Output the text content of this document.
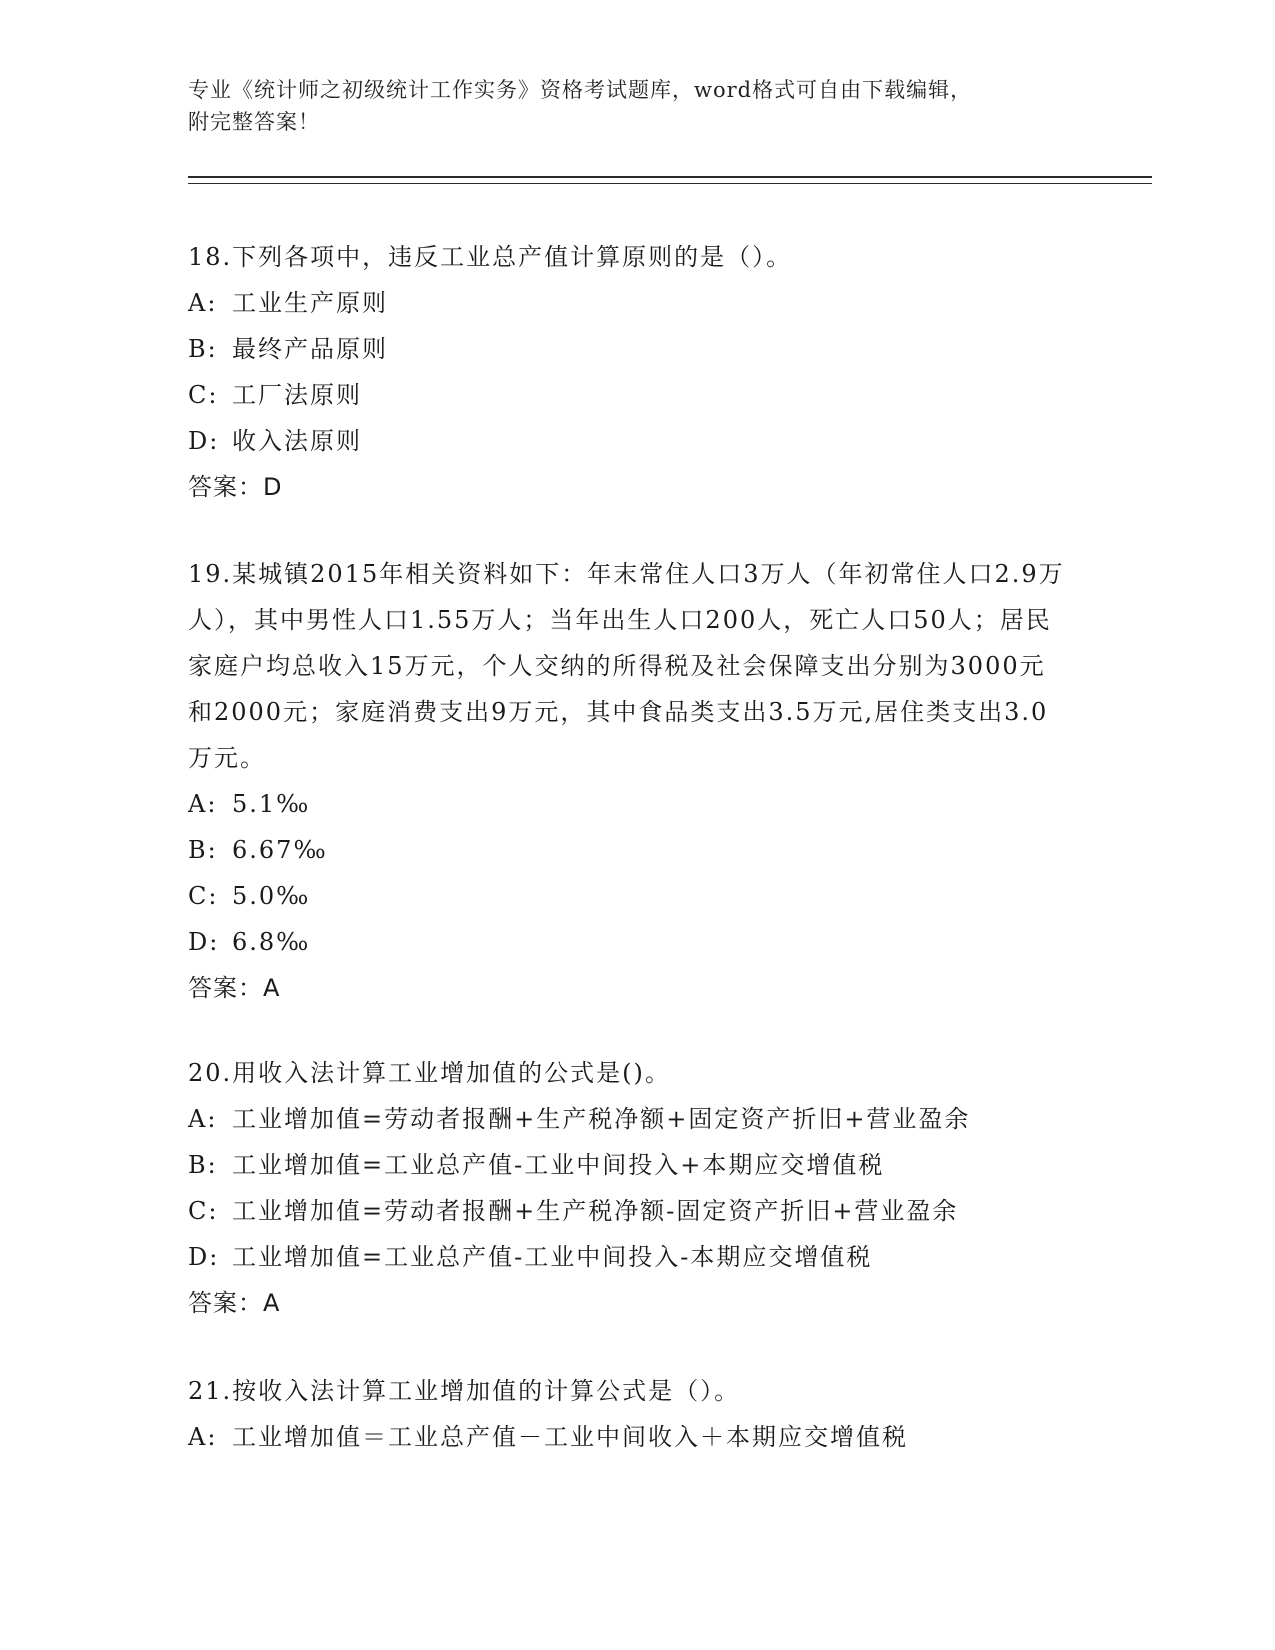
专业《统计师之初级统计工作实务》资格考试题库，word格式可自由下载编辑，
附完整答案！

18.下列各项中，违反工业总产值计算原则的是（）。

A: 工业生产原则
B: 最终产品原则
C: 工厂法原则
D: 收入法原则
答案：D

19.某城镇2015年相关资料如下：年末常住人口3万人（年初常住人口2.9万人），其中男性人口1.55万人；当年出生人口200人，死亡人口50人；居民家庭户均总收入15万元，个人交纳的所得税及社会保障支出分别为3000元和2000元；家庭消费支出9万元，其中食品类支出3.5万元,居住类支出3.0万元。

A: 5.1‰
B: 6.67‰
C: 5.0‰
D: 6.8‰
答案：A

20.用收入法计算工业增加值的公式是()。

A: 工业增加值=劳动者报酬+生产税净额+固定资产折旧+营业盈余
B: 工业增加值=工业总产值-工业中间投入+本期应交增值税
C: 工业增加值=劳动者报酬+生产税净额-固定资产折旧+营业盈余
D: 工业增加值=工业总产值-工业中间投入-本期应交增值税
答案：A

21.按收入法计算工业增加值的计算公式是（）。

A: 工业增加值＝工业总产值－工业中间收入＋本期应交增值税
